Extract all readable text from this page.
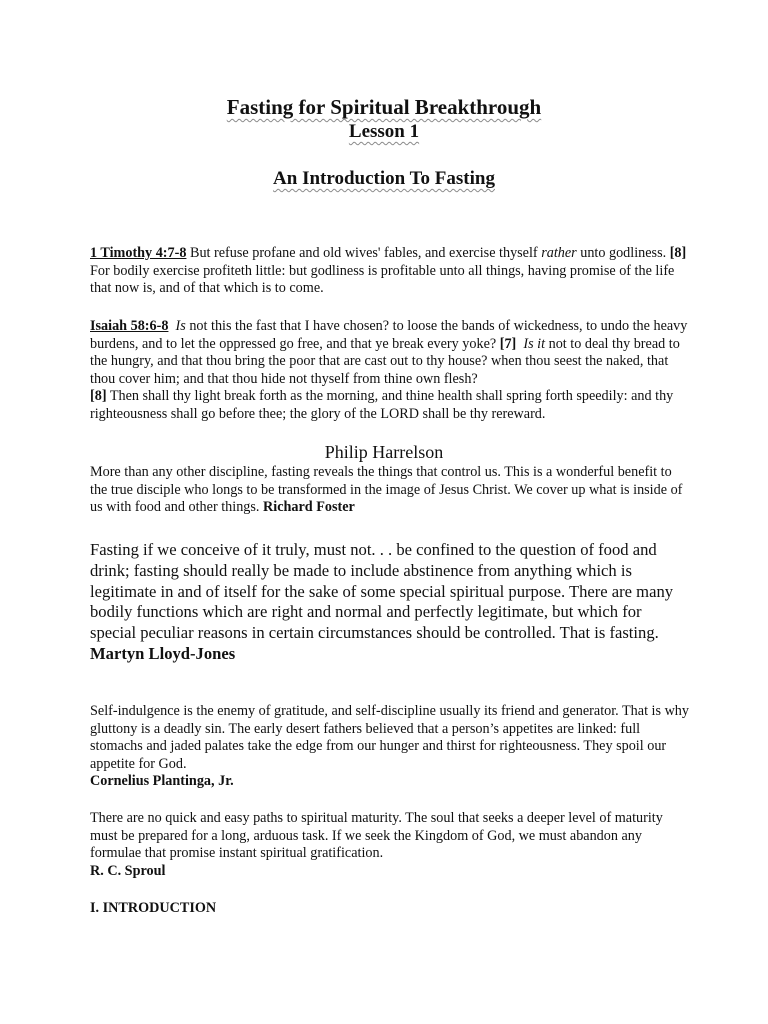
Fasting for Spiritual Breakthrough
Lesson 1
An Introduction To Fasting

1 Timothy 4:7-8 But refuse profane and old wives' fables, and exercise thyself rather unto godliness. [8] For bodily exercise profiteth little: but godliness is profitable unto all things, having promise of the life that now is, and of that which is to come.

Isaiah 58:6-8 Is not this the fast that I have chosen? to loose the bands of wickedness, to undo the heavy burdens, and to let the oppressed go free, and that ye break every yoke? [7] Is it not to deal thy bread to the hungry, and that thou bring the poor that are cast out to thy house? when thou seest the naked, that thou cover him; and that thou hide not thyself from thine own flesh?
[8] Then shall thy light break forth as the morning, and thine health shall spring forth speedily: and thy righteousness shall go before thee; the glory of the LORD shall be thy rereward.

Philip Harrelson

More than any other discipline, fasting reveals the things that control us. This is a wonderful benefit to the true disciple who longs to be transformed in the image of Jesus Christ. We cover up what is inside of us with food and other things. Richard Foster

Fasting if we conceive of it truly, must not. . . be confined to the question of food and drink; fasting should really be made to include abstinence from anything which is legitimate in and of itself for the sake of some special spiritual purpose. There are many bodily functions which are right and normal and perfectly legitimate, but which for special peculiar reasons in certain circumstances should be controlled. That is fasting. Martyn Lloyd-Jones

Self-indulgence is the enemy of gratitude, and self-discipline usually its friend and generator. That is why gluttony is a deadly sin. The early desert fathers believed that a person’s appetites are linked: full stomachs and jaded palates take the edge from our hunger and thirst for righteousness. They spoil our appetite for God.

Cornelius Plantinga, Jr.

There are no quick and easy paths to spiritual maturity. The soul that seeks a deeper level of maturity must be prepared for a long, arduous task. If we seek the Kingdom of God, we must abandon any formulae that promise instant spiritual gratification.

R. C. Sproul

I. INTRODUCTION
